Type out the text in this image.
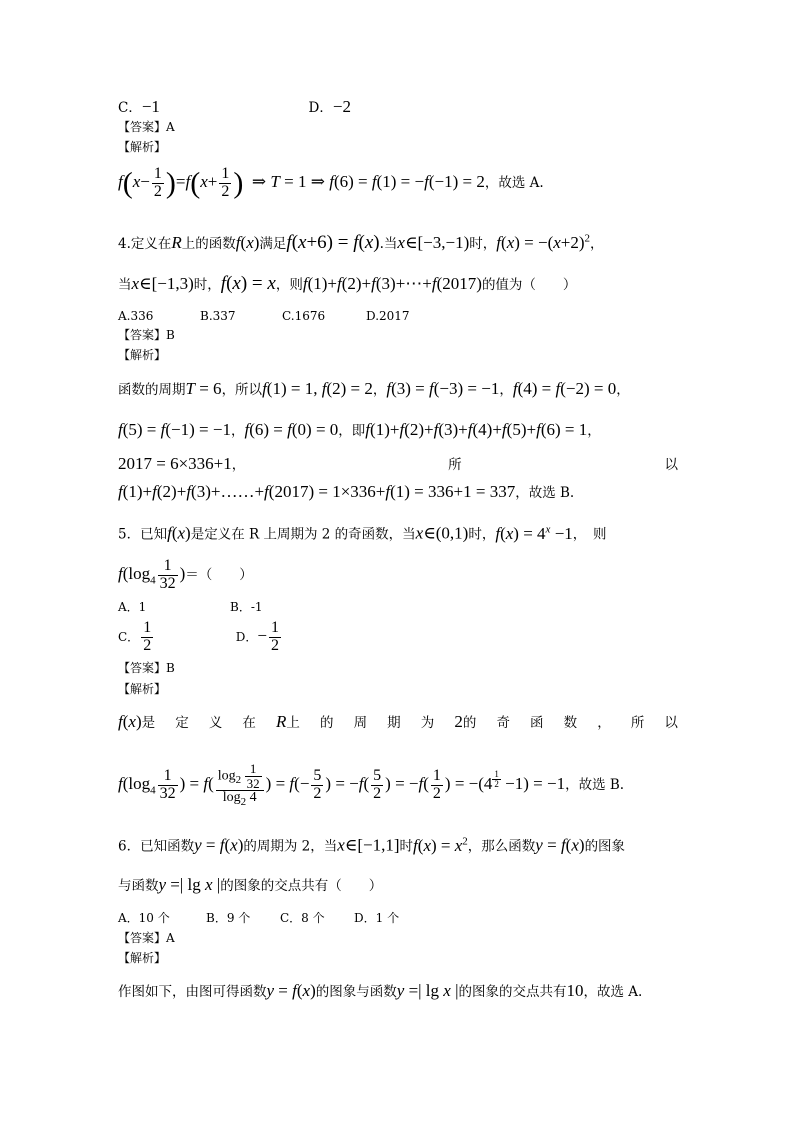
C．−1	D．−2
【答案】A
【解析】
$f(x- \frac{1}{2} )=f(x+ \frac{1}{2}$ )  ⇒ T = 1 ⇒ f(6) = f(1) = −f(−1) = 2，故选 A.
4.定义在R上的函数f(x)满足f(x+6) = f(x).当x∈[−3,−1)时，$f(x) = -(x+2)^2$，
当x∈[−1,3)时，f(x) = x，则f(1)+f(2)+f(3)+⋯+f(2017)的值为（　　）
A.336	B.337	C.1676	D.2017
【答案】B
【解析】
函数的周期T = 6，所以f(1) = 1, f(2) = 2，f(3) = f(−3) = −1，f(4) = f(−2) = 0，
f(5) = f(−1) = −1，f(6) = f(0) = 0，即f(1)+f(2)+f(3)+f(4)+f(5)+f(6) = 1，
2017 = 6×336+1，	所	以
f(1)+f(2)+f(3)+……+f(2017) = 1×336+f(1) = 336+1 = 337，故选 B.
5．已知f(x)是定义在 R 上周期为 2 的奇函数，当x∈(0,1)时，$f(x) = 4^x -1$，　则
$f(\log_4 \frac{1}{32}$ )＝（　　）
A．1	B．-1
C． $\frac{1}{2}$	D．− $\frac{1}{2}$
【答案】B
【解析】
f(x)是 定 义 在 R上 的 周 期 为 2的 奇 函 数 ， 所 以
$f(\log_4 \frac{1}{32}$ ) = $f( \frac{\log_2 \frac{1}{32}}{\log_2 4}$ ) = $f(- \frac{5}{2}$ ) = $-f( \frac{5}{2}$ ) = $-f( \frac{1}{2}$ ) = −(4 $^{\frac{1}{2}}$ −1) = −1，故选 B.
6．已知函数y = f(x)的周期为 2，当x∈[−1,1]时$f(x) = x^2$，那么函数y = f(x)的图象
与函数y =| lg x |的图象的交点共有（　　）
A．10 个	B．9 个 C．8 个 D．1 个
【答案】A
【解析】
作图如下，由图可得函数y = f(x)的图象与函数y =| lg x |的图象的交点共有10，故选 A.
